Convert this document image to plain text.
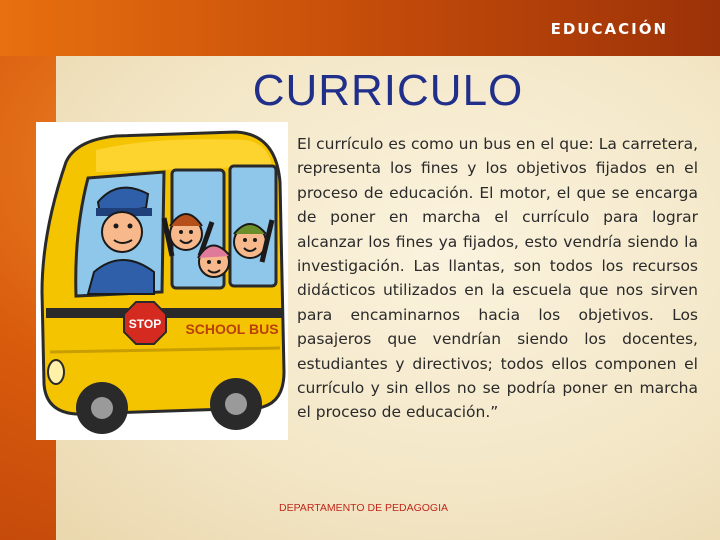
EDUCACIÓN
CURRICULO
STOP SCHOOL BUS
El currículo es como un bus en el que: La carretera, representa los fines y los objetivos fijados en el proceso de educación. El motor, el que se encarga de poner en marcha el currículo para lograr alcanzar los fines ya fijados, esto vendría siendo la investigación. Las llantas, son todos los recursos didácticos utilizados en la escuela que nos sirven para encaminarnos hacia los objetivos. Los pasajeros que vendrían siendo los docentes, estudiantes y directivos; todos ellos componen el currículo y sin ellos no se podría poner en marcha el proceso de educación.”
DEPARTAMENTO DE PEDAGOGIA
